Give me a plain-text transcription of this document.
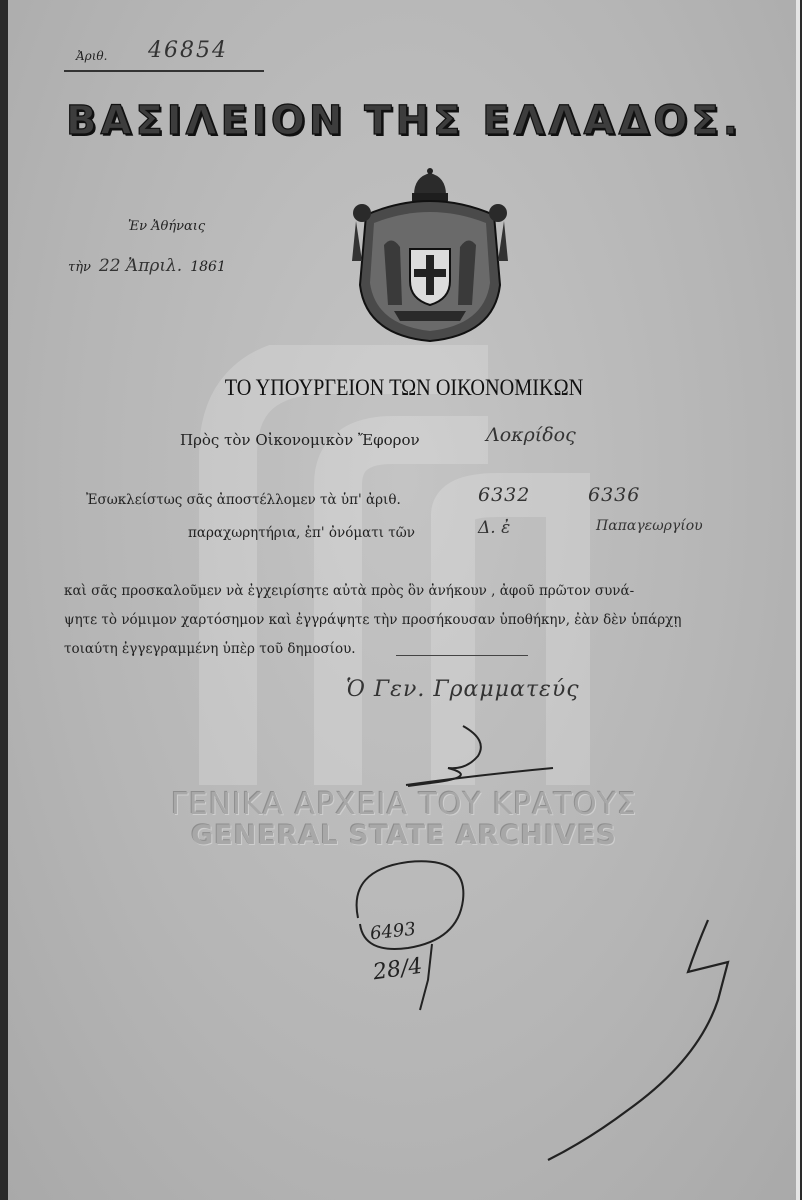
Ἀριθ. 46854
ΒΑΣΙΛΕΙΟΝ ΤΗΣ ΕΛΛΑΔΟΣ.
Ἐν Ἀθήναις
τὴν 22 Ἀπριλ. 1861
ΤΟ ΥΠΟΥΡΓΕΙΟΝ ΤΩΝ ΟΙΚΟΝΟΜΙΚΩΝ
Πρὸς τὸν Οἰκονομικὸν Ἔφορον	Λοκρίδος
Ἐσωκλείστως σᾶς ἀποστέλλομεν τὰ ὑπ' ἀριθ.	6332	6336
παραχωρητήρια, ἐπ' ὀνόματι τῶν	Δ. ἐ	Παπαγεωργίου
καὶ σᾶς προσκαλοῦμεν νὰ ἐγχειρίσητε αὐτὰ πρὸς ὃν ἀνήκουν , ἀφοῦ πρῶτον συνά-
ψητε τὸ νόμιμον χαρτόσημον καὶ ἐγγράψητε τὴν προσήκουσαν ὑποθήκην, ἐὰν δὲν ὑπάρχῃ
τοιαύτη ἐγγεγραμμένη ὑπὲρ τοῦ δημοσίου.
Ὁ Γεν. Γραμματεύς
ΓΕΝΙΚΑ ΑΡΧΕΙΑ ΤΟΥ ΚΡΑΤΟΥΣ
GENERAL STATE ARCHIVES
6493
28/4
